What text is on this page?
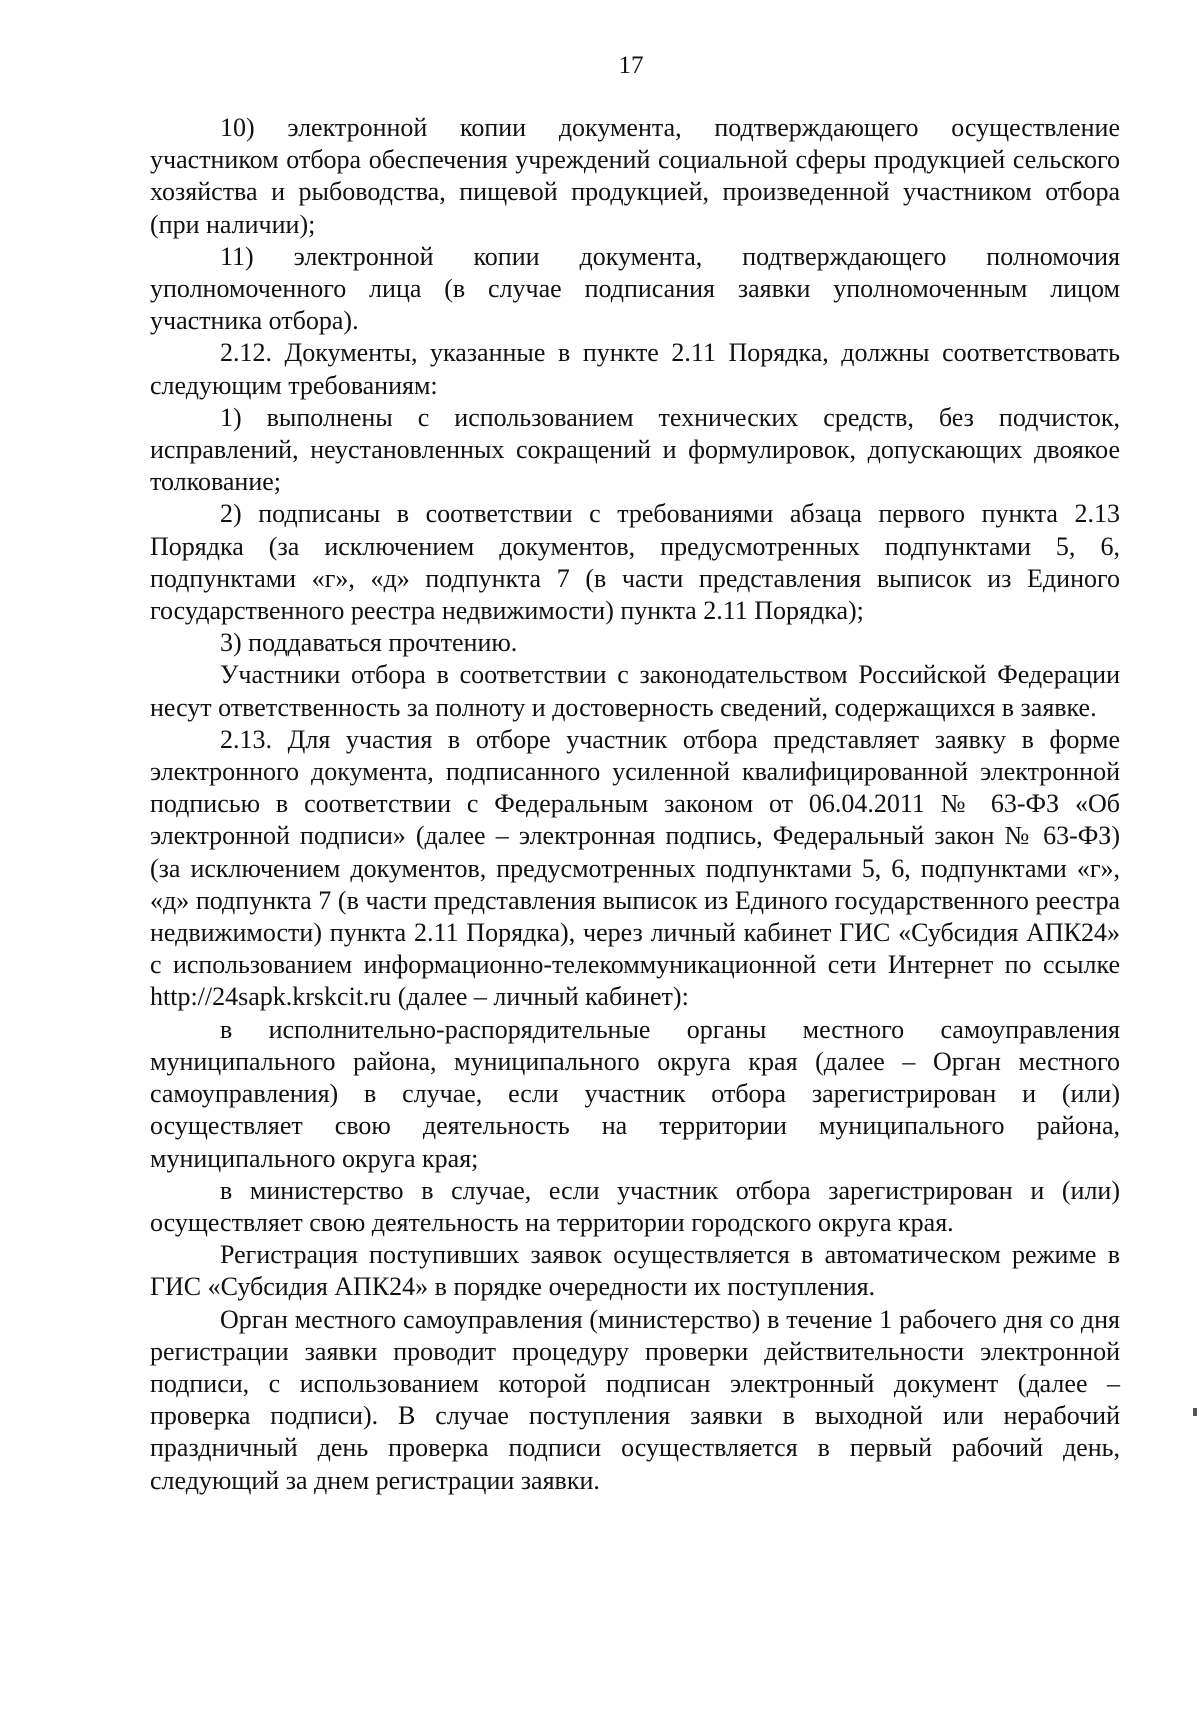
17

10) электронной копии документа, подтверждающего осуществление участником отбора обеспечения учреждений социальной сферы продукцией сельского хозяйства и рыбоводства, пищевой продукцией, произведенной участником отбора (при наличии);

11) электронной копии документа, подтверждающего полномочия уполномоченного лица (в случае подписания заявки уполномоченным лицом участника отбора).

2.12. Документы, указанные в пункте 2.11 Порядка, должны соответствовать следующим требованиям:

1) выполнены с использованием технических средств, без подчисток, исправлений, неустановленных сокращений и формулировок, допускающих двоякое толкование;

2) подписаны в соответствии с требованиями абзаца первого пункта 2.13 Порядка (за исключением документов, предусмотренных подпунктами 5, 6, подпунктами «г», «д» подпункта 7 (в части представления выписок из Единого государственного реестра недвижимости) пункта 2.11 Порядка);

3) поддаваться прочтению.

Участники отбора в соответствии с законодательством Российской Федерации несут ответственность за полноту и достоверность сведений, содержащихся в заявке.

2.13. Для участия в отборе участник отбора представляет заявку в форме электронного документа, подписанного усиленной квалифицированной электронной подписью в соответствии с Федеральным законом от 06.04.2011 № 63-ФЗ «Об электронной подписи» (далее – электронная подпись, Федеральный закон № 63-ФЗ) (за исключением документов, предусмотренных подпунктами 5, 6, подпунктами «г», «д» подпункта 7 (в части представления выписок из Единого государственного реестра недвижимости) пункта 2.11 Порядка), через личный кабинет ГИС «Субсидия АПК24» с использованием информационно-телекоммуникационной сети Интернет по ссылке http://24sapk.krskcit.ru (далее – личный кабинет):

в исполнительно-распорядительные органы местного самоуправления муниципального района, муниципального округа края (далее – Орган местного самоуправления) в случае, если участник отбора зарегистрирован и (или) осуществляет свою деятельность на территории муниципального района, муниципального округа края;

в министерство в случае, если участник отбора зарегистрирован и (или) осуществляет свою деятельность на территории городского округа края.

Регистрация поступивших заявок осуществляется в автоматическом режиме в ГИС «Субсидия АПК24» в порядке очередности их поступления.

Орган местного самоуправления (министерство) в течение 1 рабочего дня со дня регистрации заявки проводит процедуру проверки действительности электронной подписи, с использованием которой подписан электронный документ (далее – проверка подписи). В случае поступления заявки в выходной или нерабочий праздничный день проверка подписи осуществляется в первый рабочий день, следующий за днем регистрации заявки.
